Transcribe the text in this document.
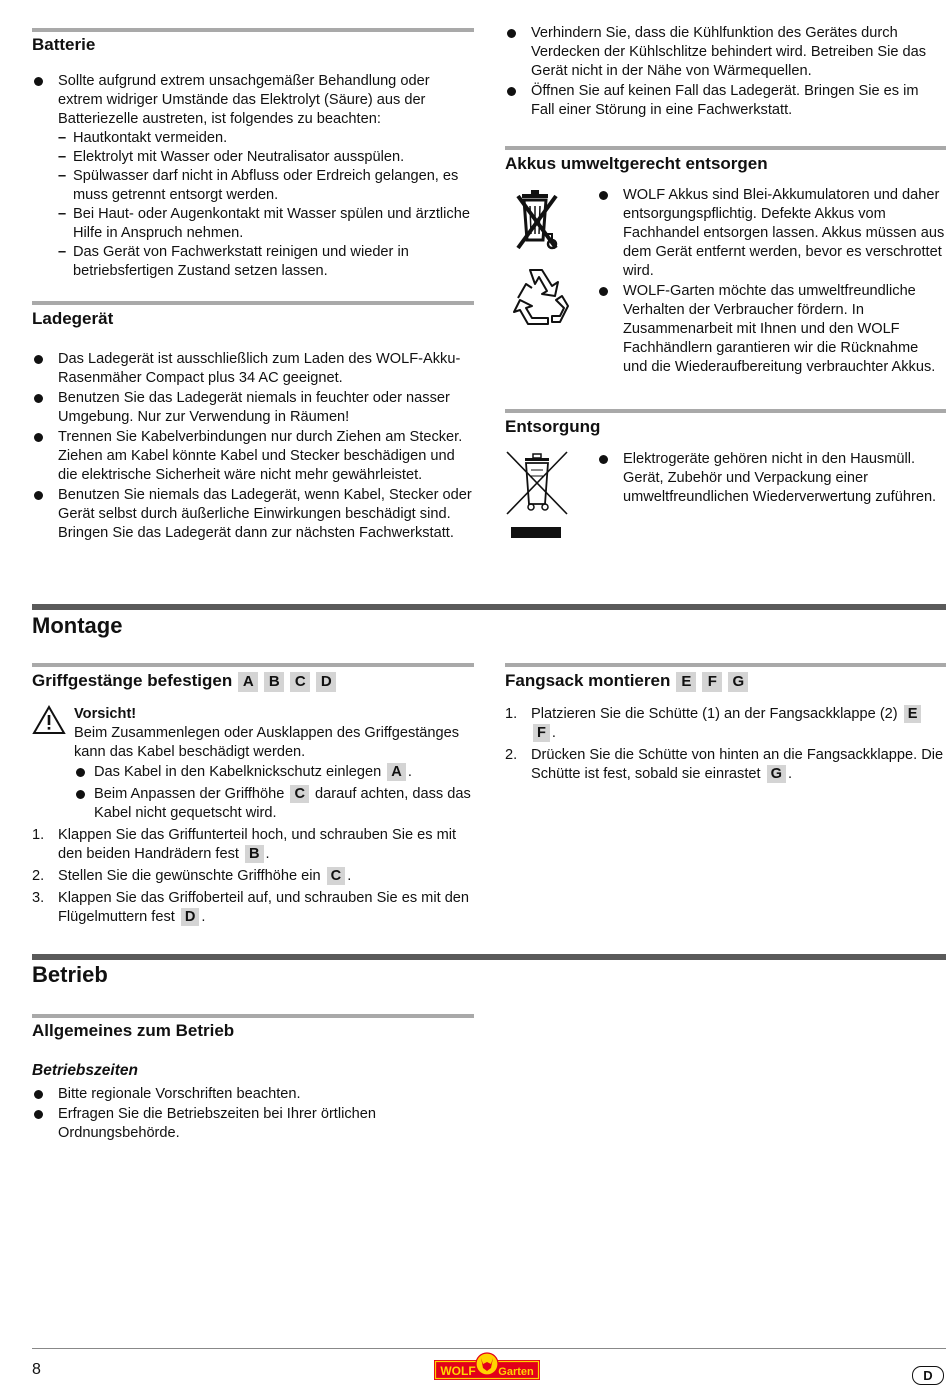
Batterie
Sollte aufgrund extrem unsachgemäßer Behandlung oder extrem widriger Umstände das Elektrolyt (Säure) aus der Batteriezelle austreten, ist folgendes zu beachten:
– Hautkontakt vermeiden.
– Elektrolyt mit Wasser oder Neutralisator ausspülen.
– Spülwasser darf nicht in Abfluss oder Erdreich gelangen, es muss getrennt entsorgt werden.
– Bei Haut- oder Augenkontakt mit Wasser spülen und ärztliche Hilfe in Anspruch nehmen.
– Das Gerät von Fachwerkstatt reinigen und wieder in betriebsfertigen Zustand setzen lassen.
Ladegerät
Das Ladegerät ist ausschließlich zum Laden des WOLF-Akku-Rasenmäher Compact plus 34 AC geeignet.
Benutzen Sie das Ladegerät niemals in feuchter oder nasser Umgebung. Nur zur Verwendung in Räumen!
Trennen Sie Kabelverbindungen nur durch Ziehen am Stecker. Ziehen am Kabel könnte Kabel und Stecker beschädigen und die elektrische Sicherheit wäre nicht mehr gewährleistet.
Benutzen Sie niemals das Ladegerät, wenn Kabel, Stecker oder Gerät selbst durch äußerliche Einwirkungen beschädigt sind. Bringen Sie das Ladegerät dann zur nächsten Fachwerkstatt.
Verhindern Sie, dass die Kühlfunktion des Gerätes durch Verdecken der Kühlschlitze behindert wird. Betreiben Sie das Gerät nicht in der Nähe von Wärmequellen.
Öffnen Sie auf keinen Fall das Ladegerät. Bringen Sie es im Fall einer Störung in eine Fachwerkstatt.
Akkus umweltgerecht entsorgen
WOLF Akkus sind Blei-Akkumulatoren und daher entsorgungspflichtig. Defekte Akkus vom Fachhandel entsorgen lassen. Akkus müssen aus dem Gerät entfernt werden, bevor es verschrottet wird.
WOLF-Garten möchte das umweltfreundliche Verhalten der Verbraucher fördern. In Zusammenarbeit mit Ihnen und den WOLF Fachhändlern garantieren wir die Rücknahme und die Wiederaufbereitung verbrauchter Akkus.
Entsorgung
Elektrogeräte gehören nicht in den Hausmüll. Gerät, Zubehör und Verpackung einer umweltfreundlichen Wiederverwertung zuführen.
Montage
Griffgestänge befestigen A B C D
Vorsicht!
Beim Zusammenlegen oder Ausklappen des Griffgestänges kann das Kabel beschädigt werden.
Das Kabel in den Kabelknickschutz einlegen A .
Beim Anpassen der Griffhöhe C darauf achten, dass das Kabel nicht gequetscht wird.
1. Klappen Sie das Griffunterteil hoch, und schrauben Sie es mit den beiden Handrädern fest B .
2. Stellen Sie die gewünschte Griffhöhe ein C .
3. Klappen Sie das Griffoberteil auf, und schrauben Sie es mit den Flügelmuttern fest D .
Fangsack montieren E F G
1. Platzieren Sie die Schütte (1) an der Fangsackklappe (2) E F .
2. Drücken Sie die Schütte von hinten an die Fangsackklappe. Die Schütte ist fest, sobald sie einrastet G .
Betrieb
Allgemeines zum Betrieb
Betriebszeiten
Bitte regionale Vorschriften beachten.
Erfragen Sie die Betriebszeiten bei Ihrer örtlichen Ordnungsbehörde.
8	WOLF Garten	D
